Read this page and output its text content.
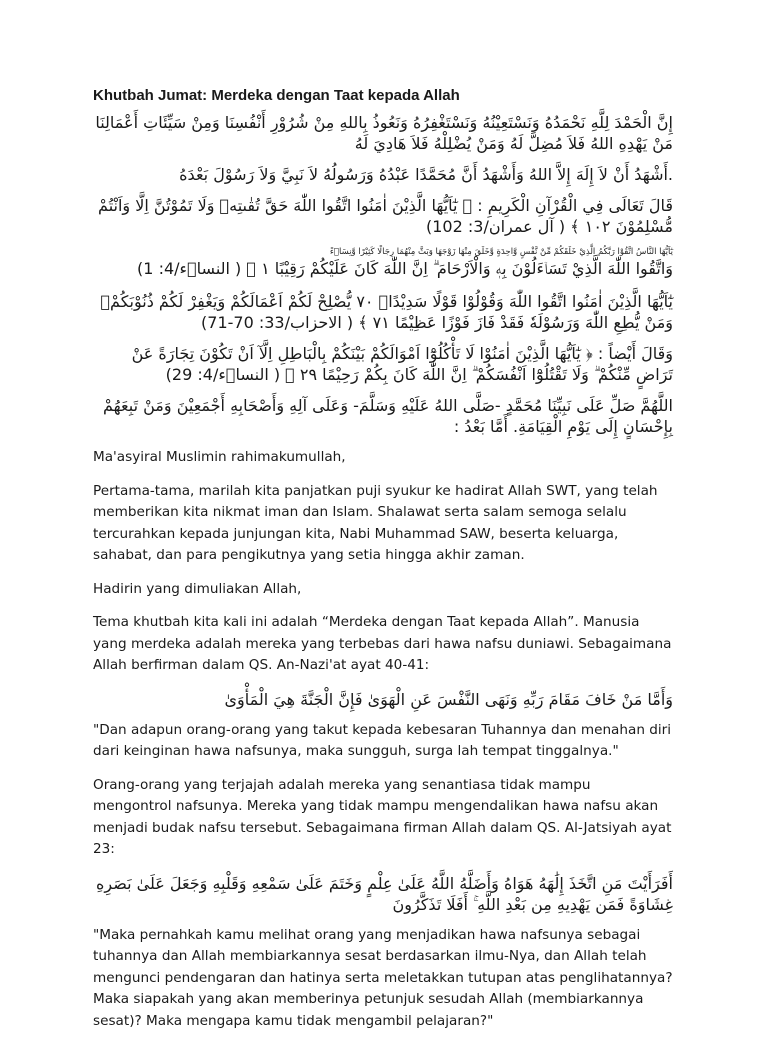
Khutbah Jumat: Merdeka dengan Taat kepada Allah

إِنَّ الْحَمْدَ لِلَّهِ نَحْمَدُهُ وَنَسْتَعِيْنُهُ وَنَسْتَغْفِرُهُ وَنَعُوذُ بِاللهِ مِنْ شُرُوْرِ أَنْفُسِنَا وَمِنْ سَيِّئَاتِ أَعْمَالِنَا مَنْ يَهْدِهِ اللهُ فَلاَ مُضِلَّ لَهُ وَمَنْ يُضْلِلْهُ فَلاَ هَادِيَ لَهُ

.أَشْهَدُ أَنْ لاَ إِلَهَ إِلاَّ اللهُ وَأَشْهَدُ أَنَّ مُحَمَّدًا عَبْدُهُ وَرَسُولُهُ لاَ نَبِيَّ وَلاَ رَسُوْلَ بَعْدَهُ

قَالَ تَعَالَى فِي الْقُرْآنِ الْكَرِيمِ : ﴿ يٰٓاَيُّهَا الَّذِيْنَ اٰمَنُوا اتَّقُوا اللّٰهَ حَقَّ تُقٰىتِهٖ وَلَا تَمُوْتُنَّ اِلَّا وَاَنْتُمْ مُّسْلِمُوْنَ ١٠٢ ﴾ ( آل عمران/3: 102)

يٰٓاَيُّهَا النَّاسُ اتَّقُوْا رَبَّكُمُ الَّذِيْ خَلَقَكُمْ مِّنْ نَّفْسٍ وَّاحِدَةٍ وَّخَلَقَ مِنْهَا زَوْجَهَا وَبَثَّ مِنْهُمَا رِجَالًا كَثِيْرًا وَّنِسَاۤءً

وَاتَّقُوا اللّٰهَ الَّذِيْ تَسَاۤءَلُوْنَ بِهٖ وَالْاَرْحَامَ ۗ اِنَّ اللّٰهَ كَانَ عَلَيْكُمْ رَقِيْبًا ١ ﴾ ( النساۤء/4: 1)

يٰٓاَيُّهَا الَّذِيْنَ اٰمَنُوا اتَّقُوا اللّٰهَ وَقُوْلُوْا قَوْلًا سَدِيْدًاۙ ٧٠ يُّصْلِحْ لَكُمْ اَعْمَالَكُمْ وَيَغْفِرْ لَكُمْ ذُنُوْبَكُمْۗ وَمَنْ يُّطِعِ اللّٰهَ وَرَسُوْلَهٗ فَقَدْ فَازَ فَوْزًا عَظِيْمًا ٧١ ﴾ ( الاحزاب/33: 70-71)

وَقَالَ أَيْضاً : ﴿ يٰٓاَيُّهَا الَّذِيْنَ اٰمَنُوْا لَا تَأْكُلُوْٓا اَمْوَالَكُمْ بَيْنَكُمْ بِالْبَاطِلِ اِلَّآ اَنْ تَكُوْنَ تِجَارَةً عَنْ تَرَاضٍ مِّنْكُمْ ۗ وَلَا تَقْتُلُوْٓا اَنْفُسَكُمْ ۗ اِنَّ اللّٰهَ كَانَ بِكُمْ رَحِيْمًا ٢٩ ﴾ ( النساۤء/4: 29)

اللَّهُمَّ صَلِّ عَلَى نَبِيِّنَا مُحَمَّدٍ -صَلَّى اللهُ عَلَيْهِ وَسَلَّمَ- وَعَلَى آلِهِ وَأَصْحَابِهِ أَجْمَعِيْنَ وَمَنْ تَبِعَهُمْ بِإِحْسَانٍ إِلَى يَوْمِ الْقِيَامَةِ. أَمَّا بَعْدُ :

Ma'asyiral Muslimin rahimakumullah,

Pertama-tama, marilah kita panjatkan puji syukur ke hadirat Allah SWT, yang telah memberikan kita nikmat iman dan Islam. Shalawat serta salam semoga selalu tercurahkan kepada junjungan kita, Nabi Muhammad SAW, beserta keluarga, sahabat, dan para pengikutnya yang setia hingga akhir zaman.

Hadirin yang dimuliakan Allah,

Tema khutbah kita kali ini adalah “Merdeka dengan Taat kepada Allah”. Manusia yang merdeka adalah mereka yang terbebas dari hawa nafsu duniawi. Sebagaimana Allah berfirman dalam QS. An-Nazi'at ayat 40-41:

وَأَمَّا مَنْ خَافَ مَقَامَ رَبِّهِ وَنَهَى النَّفْسَ عَنِ الْهَوَىٰ فَإِنَّ الْجَنَّةَ هِيَ الْمَأْوَىٰ

"Dan adapun orang-orang yang takut kepada kebesaran Tuhannya dan menahan diri dari keinginan hawa nafsunya, maka sungguh, surga lah tempat tinggalnya."

Orang-orang yang terjajah adalah mereka yang senantiasa tidak mampu mengontrol nafsunya. Mereka yang tidak mampu mengendalikan hawa nafsu akan menjadi budak nafsu tersebut. Sebagaimana firman Allah dalam QS. Al-Jatsiyah ayat 23:

أَفَرَأَيْتَ مَنِ اتَّخَذَ إِلَٰهَهُ هَوَاهُ وَأَضَلَّهُ اللَّهُ عَلَىٰ عِلْمٍ وَخَتَمَ عَلَىٰ سَمْعِهِ وَقَلْبِهِ وَجَعَلَ عَلَىٰ بَصَرِهِ غِشَاوَةً فَمَن يَهْدِيهِ مِن بَعْدِ اللَّهِ ۚ أَفَلَا تَذَكَّرُونَ

"Maka pernahkah kamu melihat orang yang menjadikan hawa nafsunya sebagai tuhannya dan Allah membiarkannya sesat berdasarkan ilmu-Nya, dan Allah telah mengunci pendengaran dan hatinya serta meletakkan tutupan atas penglihatannya? Maka siapakah yang akan memberinya petunjuk sesudah Allah (membiarkannya sesat)? Maka mengapa kamu tidak mengambil pelajaran?"
